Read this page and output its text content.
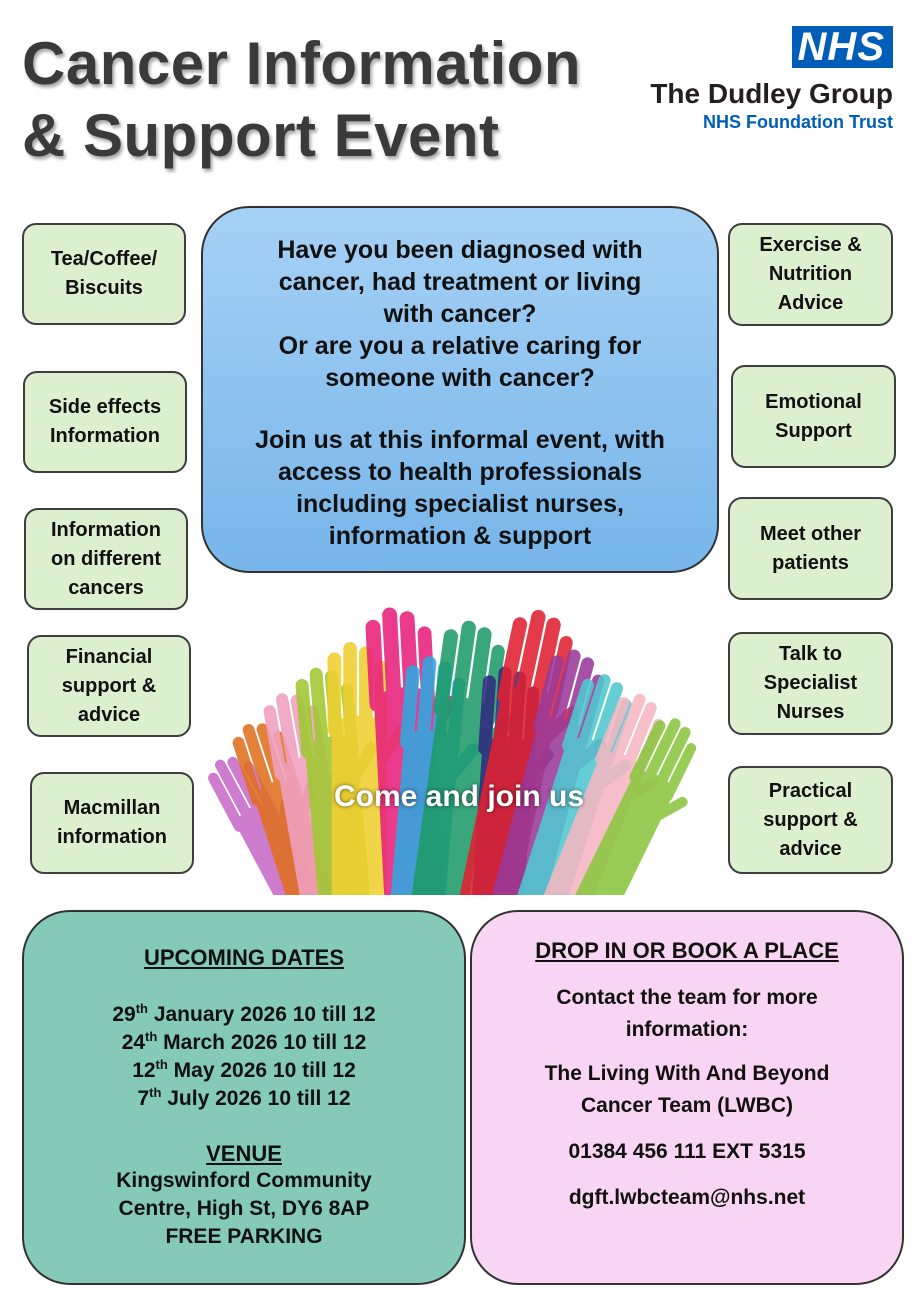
Cancer Information
& Support Event
NHS
The Dudley Group
NHS Foundation Trust
Tea/Coffee/
Biscuits
Side effects
Information
Information
on different
cancers
Financial
support &
advice
Macmillan
information
Exercise &
Nutrition
Advice
Emotional
Support
Meet other
patients
Talk to
Specialist
Nurses
Practical
support &
advice

Have you been diagnosed with
cancer, had treatment or living
with cancer?
Or are you a relative caring for
someone with cancer?

Join us at this informal event, with
access to health professionals
including specialist nurses,
information & support

Come and join us
UPCOMING DATES
29th January 2026 10 till 12
24th March 2026 10 till 12
12th May 2026 10 till 12
7th July 2026 10 till 12
VENUE
Kingswinford Community
Centre, High St, DY6 8AP
FREE PARKING
DROP IN OR BOOK A PLACE
Contact the team for more
information:
The Living With And Beyond
Cancer Team (LWBC)
01384 456 111 EXT 5315
dgft.lwbcteam@nhs.net
